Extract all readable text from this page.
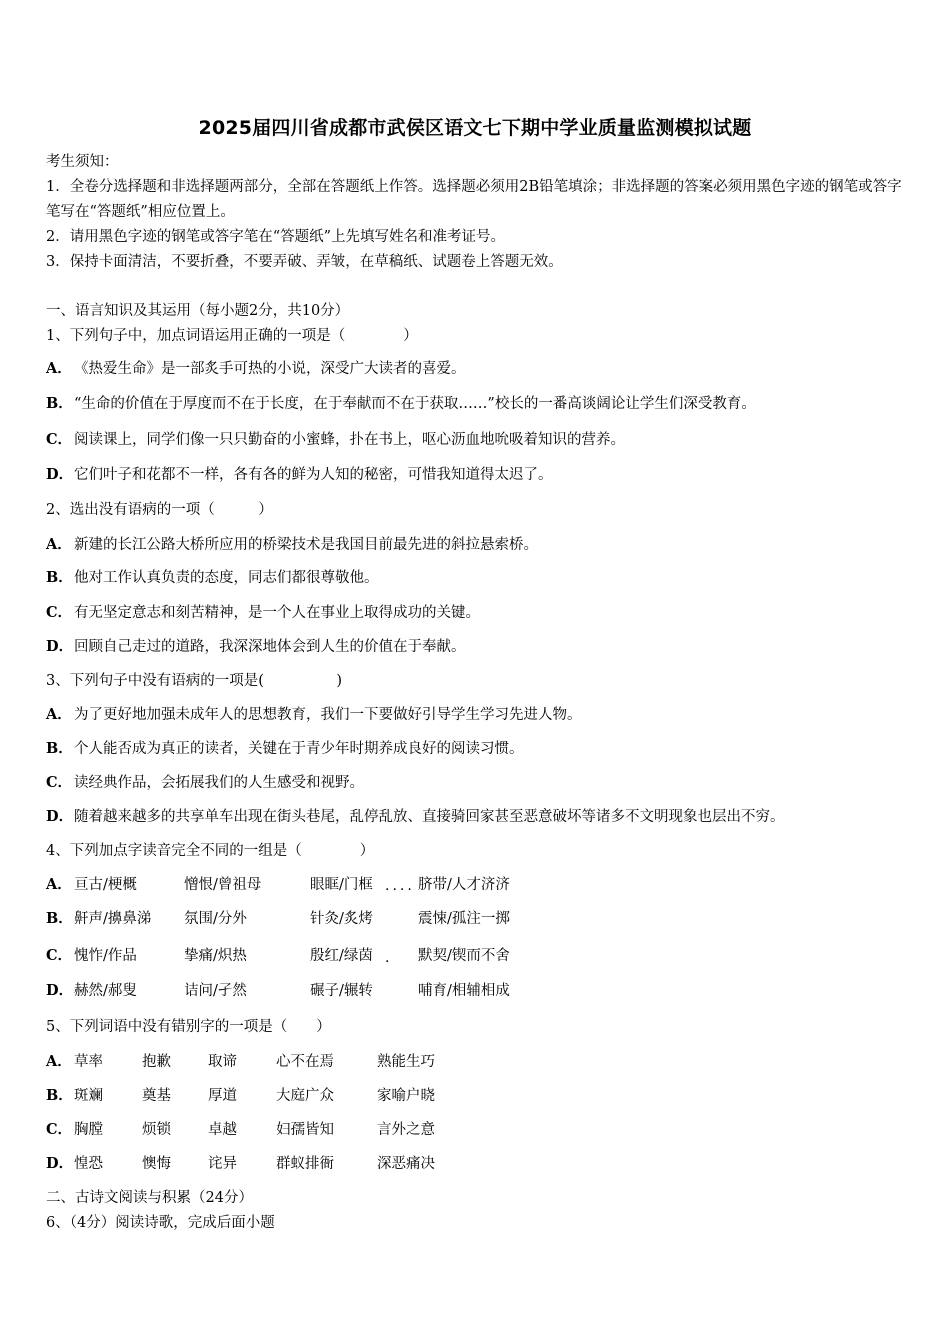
2025届四川省成都市武侯区语文七下期中学业质量监测模拟试题
考生须知：
1．全卷分选择题和非选择题两部分，全部在答题纸上作答。选择题必须用2B铅笔填涂；非选择题的答案必须用黑色字迹的钢笔或答字笔写在“答题纸”相应位置上。
2．请用黑色字迹的钢笔或答字笔在“答题纸”上先填写姓名和准考证号。
3．保持卡面清洁，不要折叠，不要弄破、弄皱，在草稿纸、试题卷上答题无效。
一、语言知识及其运用（每小题2分，共10分）
1、下列句子中，加点词语运用正确的一项是（　　　　）
A． 《热爱生命》是一部炙手可热的小说，深受广大读者的喜爱。
B．“生命的价值在于厚度而不在于长度，在于奉献而不在于获取……”校长的一番高谈阔论让学生们深受教育。
C． 阅读课上，同学们像一只只勤奋的小蜜蜂，扑在书上，呕心沥血地吮吸着知识的营养。
D．它们叶子和花都不一样，各有各的鲜为人知的秘密，可惜我知道得太迟了。
2、选出没有语病的一项（　　　）
A． 新建的长江公路大桥所应用的桥梁技术是我国目前最先进的斜拉悬索桥。
B．他对工作认真负责的态度，同志们都很尊敬他。
C． 有无坚定意志和刻苦精神，是一个人在事业上取得成功的关键。
D．回顾自己走过的道路，我深深地体会到人生的价值在于奉献。
3、下列句子中没有语病的一项是(　　　　　)
A． 为了更好地加强未成年人的思想教育，我们一下要做好引导学生学习先进人物。
B．个人能否成为真正的读者，关键在于青少年时期养成良好的阅读习惯。
C． 读经典作品，会拓展我们的人生感受和视野。
D．随着越来越多的共享单车出现在街头巷尾，乱停乱放、直接骑回家甚至恶意破坏等诸多不文明现象也层出不穷。
4、下列加点字读音完全不同的一组是（　　　　）
A． 亘古/梗概	憎恨/曾祖母	眼眶/门框 .... 脐带/人才济济
B． 鼾声/擤鼻涕 氛围/分外	针灸/炙烤	震悚/孤注一掷
C． 愧怍/作品	挚痛/炽热	殷红/绿茵 . 默契/锲而不舍
D． 赫然/郝叟	诘问/孑然	碾子/辗转	哺育/相辅相成
5、下列词语中没有错别字的一项是（　　）
A． 草率	抱歉	取谛	心不在焉	熟能生巧
B． 斑斓	奠基	厚道	大庭广众	家喻户晓
C． 胸膛	烦锁	卓越	妇孺皆知	言外之意
D． 惶恐	懊悔	诧异	群蚁排衙	深恶痛决
二、古诗文阅读与积累（24分）
6、（4分）阅读诗歌，完成后面小题
